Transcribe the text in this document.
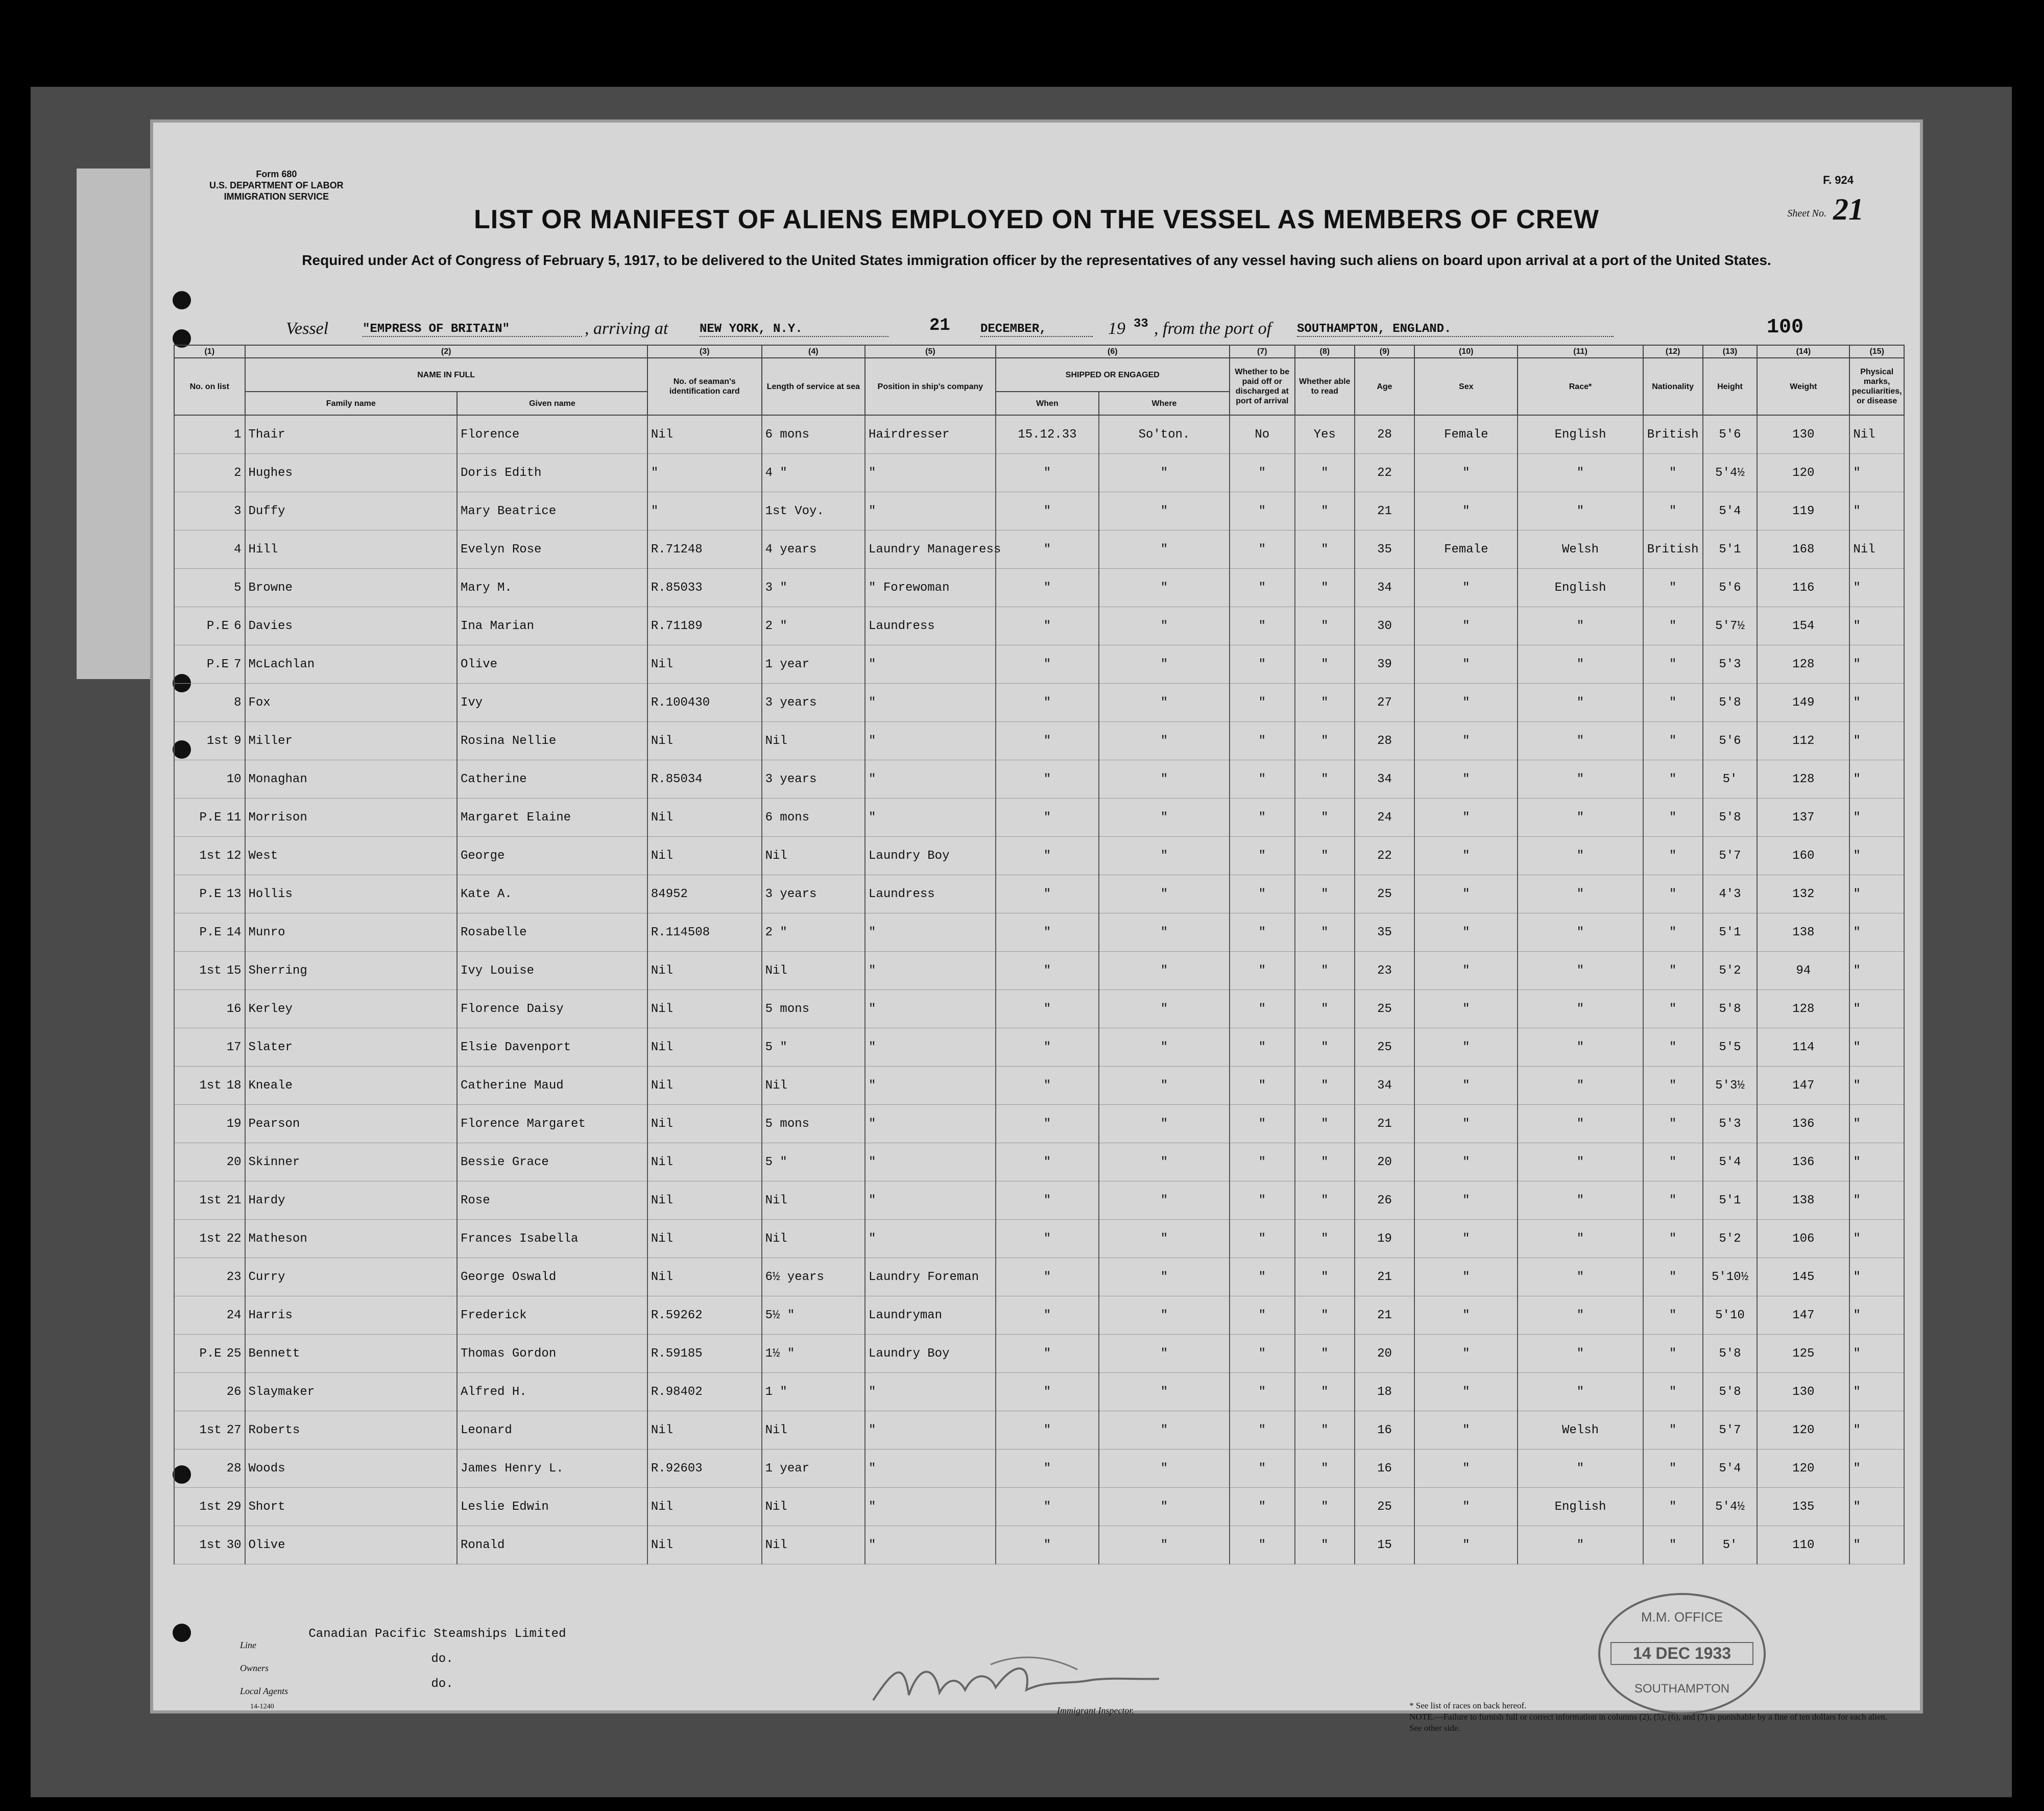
Form 680
U.S. DEPARTMENT OF LABOR
IMMIGRATION SERVICE
F. 924
Sheet No. 21
LIST OR MANIFEST OF ALIENS EMPLOYED ON THE VESSEL AS MEMBERS OF CREW
Required under Act of Congress of February 5, 1917, to be delivered to the United States immigration officer by the representatives of any vessel having such aliens on board upon arrival at a port of the United States.
Vessel	"EMPRESS OF BRITAIN"	, arriving at	NEW YORK, N.Y.	21 DECEMBER,	19 33 , from the port of SOUTHAMPTON, ENGLAND.	100
(1)	(2)		(3)	(4)	(5)	(6)		(7)	(8)	(9)	(10)	(11)	(12)	(13)	(14)	(15)
No. on list	NAME IN FULL		No. of seaman's identification card	Length of service at sea	Position in ship's company	SHIPPED OR ENGAGED		Whether to be paid off or discharged at port of arrival	Whether able to read	Age	Sex	Race*	Nationality	Height	Weight	Physical marks, peculiarities, or disease
	Family name	Given name				When	Where									
1	Thair	Florence	Nil	6 mons	Hairdresser	15.12.33	So'ton.	No	Yes	28	Female	English	British	5'6	130	Nil
2	Hughes	Doris Edith	"	4 "	"	"	"	"	"	22	"	"	"	5'4½	120	"
3	Duffy	Mary Beatrice	"	1st Voy.	"	"	"	"	"	21	"	"	"	5'4	119	"
4	Hill	Evelyn Rose	R.71248	4 years	Laundry Manageress	"	"	"	"	35	Female	Welsh	British	5'1	168	Nil
5	Browne	Mary M.	R.85033	3 "	" Forewoman	"	"	"	"	34	"	English	"	5'6	116	"
P.E 6	Davies	Ina Marian	R.71189	2 "	Laundress	"	"	"	"	30	"	"	"	5'7½	154	"
P.E 7	McLachlan	Olive	Nil	1 year	"	"	"	"	"	39	"	"	"	5'3	128	"
8	Fox	Ivy	R.100430	3 years	"	"	"	"	"	27	"	"	"	5'8	149	"
1st 9	Miller	Rosina Nellie	Nil	Nil	"	"	"	"	"	28	"	"	"	5'6	112	"
10	Monaghan	Catherine	R.85034	3 years	"	"	"	"	"	34	"	"	"	5'	128	"
P.E 11	Morrison	Margaret Elaine	Nil	6 mons	"	"	"	"	"	24	"	"	"	5'8	137	"
1st 12	West	George	Nil	Nil	Laundry Boy	"	"	"	"	22	"	"	"	5'7	160	"
P.E 13	Hollis	Kate A.	84952	3 years	Laundress	"	"	"	"	25	"	"	"	4'3	132	"
P.E 14	Munro	Rosabelle	R.114508	2 "	"	"	"	"	"	35	"	"	"	5'1	138	"
1st 15	Sherring	Ivy Louise	Nil	Nil	"	"	"	"	"	23	"	"	"	5'2	94	"
16	Kerley	Florence Daisy	Nil	5 mons	"	"	"	"	"	25	"	"	"	5'8	128	"
17	Slater	Elsie Davenport	Nil	5 "	"	"	"	"	"	25	"	"	"	5'5	114	"
1st 18	Kneale	Catherine Maud	Nil	Nil	"	"	"	"	"	34	"	"	"	5'3½	147	"
19	Pearson	Florence Margaret	Nil	5 mons	"	"	"	"	"	21	"	"	"	5'3	136	"
20	Skinner	Bessie Grace	Nil	5 "	"	"	"	"	"	20	"	"	"	5'4	136	"
1st 21	Hardy	Rose	Nil	Nil	"	"	"	"	"	26	"	"	"	5'1	138	"
1st 22	Matheson	Frances Isabella	Nil	Nil	"	"	"	"	"	19	"	"	"	5'2	106	"
23	Curry	George Oswald	Nil	6½ years	Laundry Foreman	"	"	"	"	21	"	"	"	5'10½	145	"
24	Harris	Frederick	R.59262	5½ "	Laundryman	"	"	"	"	21	"	"	"	5'10	147	"
P.E 25	Bennett	Thomas Gordon	R.59185	1½ "	Laundry Boy	"	"	"	"	20	"	"	"	5'8	125	"
26	Slaymaker	Alfred H.	R.98402	1 "	"	"	"	"	"	18	"	"	"	5'8	130	"
1st 27	Roberts	Leonard	Nil	Nil	"	"	"	"	"	16	"	Welsh	"	5'7	120	"
28	Woods	James Henry L.	R.92603	1 year	"	"	"	"	"	16	"	"	"	5'4	120	"
1st 29	Short	Leslie Edwin	Nil	Nil	"	"	"	"	"	25	"	English	"	5'4½	135	"
1st 30	Olive	Ronald	Nil	Nil	"	"	"	"	"	15	"	"	"	5'	110	"
Line Canadian Pacific Steamships Limited
Owners do.
Local Agents	do.
14-1240	Immigrant Inspector.
M.M. OFFICE
14 DEC 1933
SOUTHAMPTON
* See list of races on back hereof.
NOTE.—Failure to furnish full or correct information in columns (2), (5), (6), and (7) is punishable by a fine of ten dollars for each alien. See other side.
